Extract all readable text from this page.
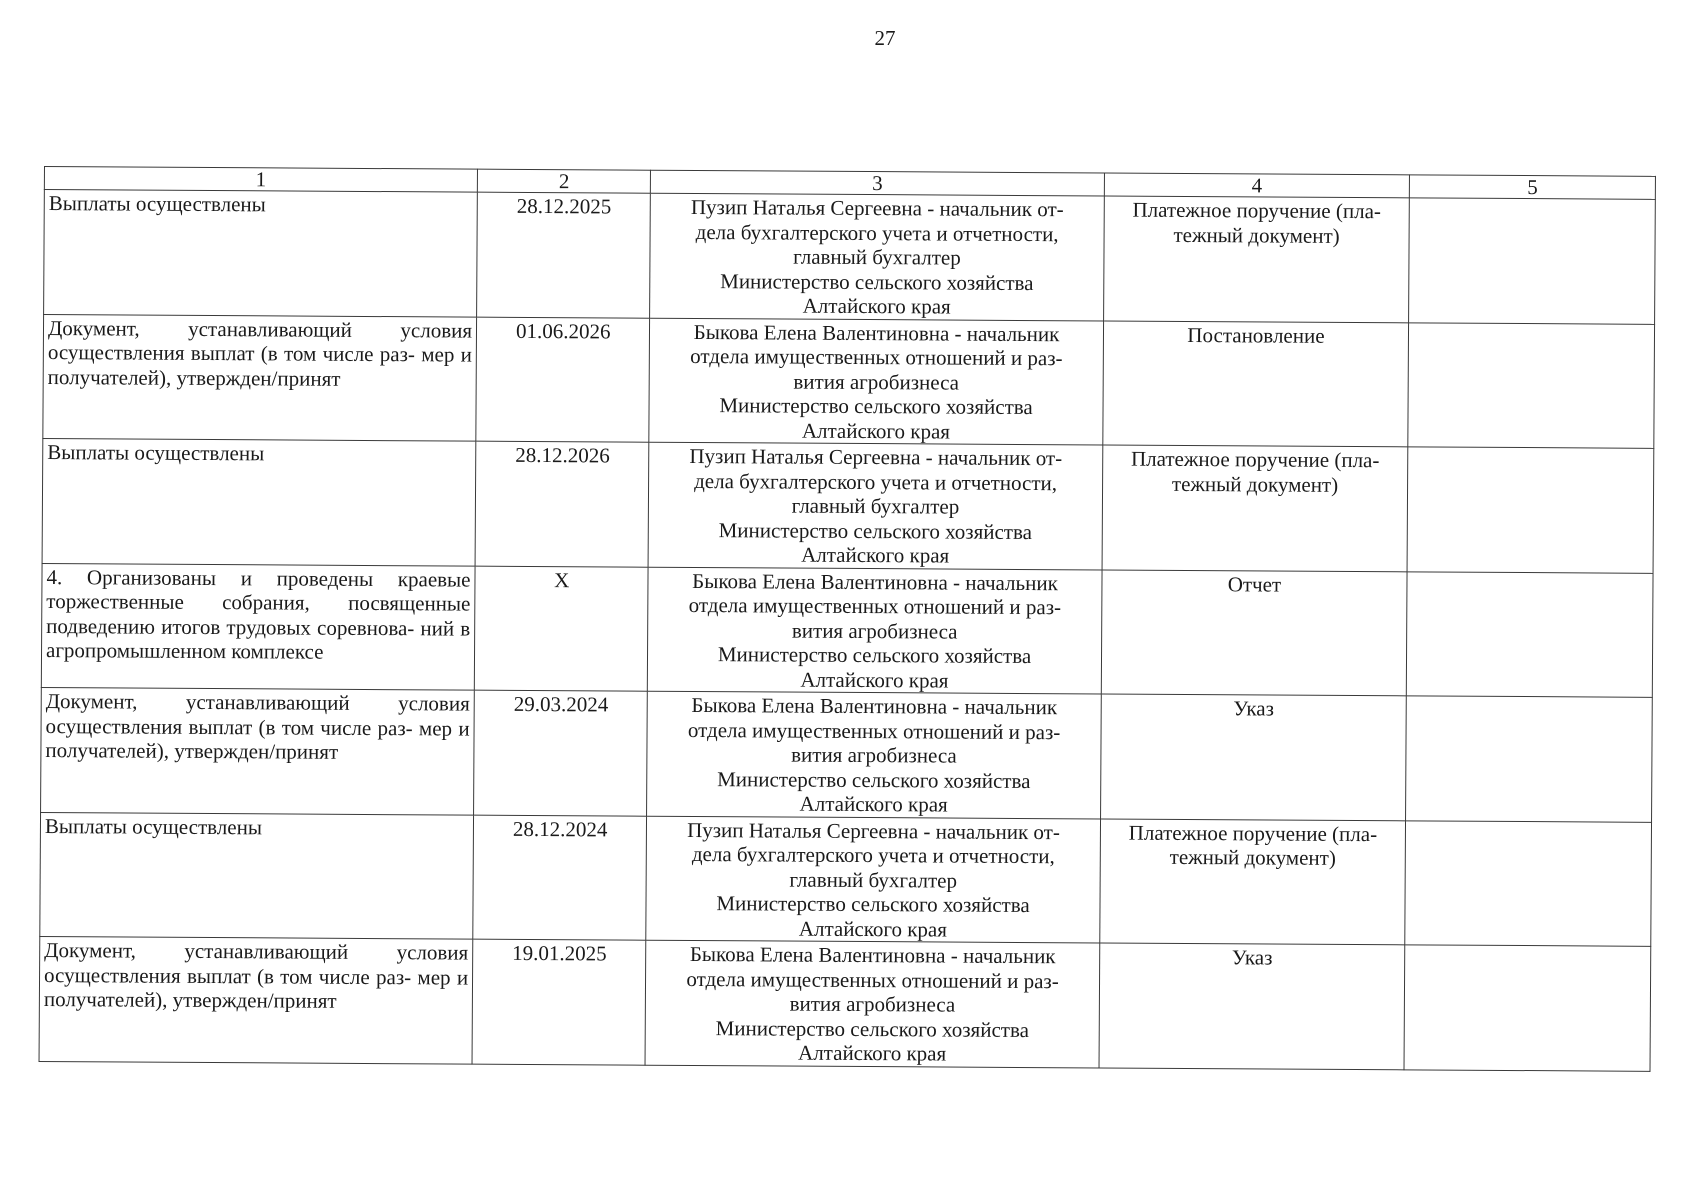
27
1	2	3	4	5
Выплаты осуществлены	28.12.2025	Пузип Наталья Сергеевна - начальник от-
дела бухгалтерского учета и отчетности,
главный бухгалтер
Министерство сельского хозяйства
Алтайского края	Платежное поручение (пла- тежный документ)	
Документ, устанавливающий условия осуществления выплат (в том числе раз- мер и получателей), утвержден/принят	01.06.2026	Быкова Елена Валентиновна - начальник
отдела имущественных отношений и раз-
вития агробизнеса
Министерство сельского хозяйства
Алтайского края	Постановление	
Выплаты осуществлены	28.12.2026	Пузип Наталья Сергеевна - начальник от-
дела бухгалтерского учета и отчетности,
главный бухгалтер
Министерство сельского хозяйства
Алтайского края	Платежное поручение (пла- тежный документ)	
4. Организованы и проведены краевые торжественные собрания, посвященные подведению итогов трудовых соревнова- ний в агропромышленном комплексе	X	Быкова Елена Валентиновна - начальник
отдела имущественных отношений и раз-
вития агробизнеса
Министерство сельского хозяйства
Алтайского края	Отчет	
Документ, устанавливающий условия осуществления выплат (в том числе раз- мер и получателей), утвержден/принят	29.03.2024	Быкова Елена Валентиновна - начальник
отдела имущественных отношений и раз-
вития агробизнеса
Министерство сельского хозяйства
Алтайского края	Указ	
Выплаты осуществлены	28.12.2024	Пузип Наталья Сергеевна - начальник от-
дела бухгалтерского учета и отчетности,
главный бухгалтер
Министерство сельского хозяйства
Алтайского края	Платежное поручение (пла- тежный документ)	
Документ, устанавливающий условия осуществления выплат (в том числе раз- мер и получателей), утвержден/принят	19.01.2025	Быкова Елена Валентиновна - начальник
отдела имущественных отношений и раз-
вития агробизнеса
Министерство сельского хозяйства
Алтайского края	Указ	
